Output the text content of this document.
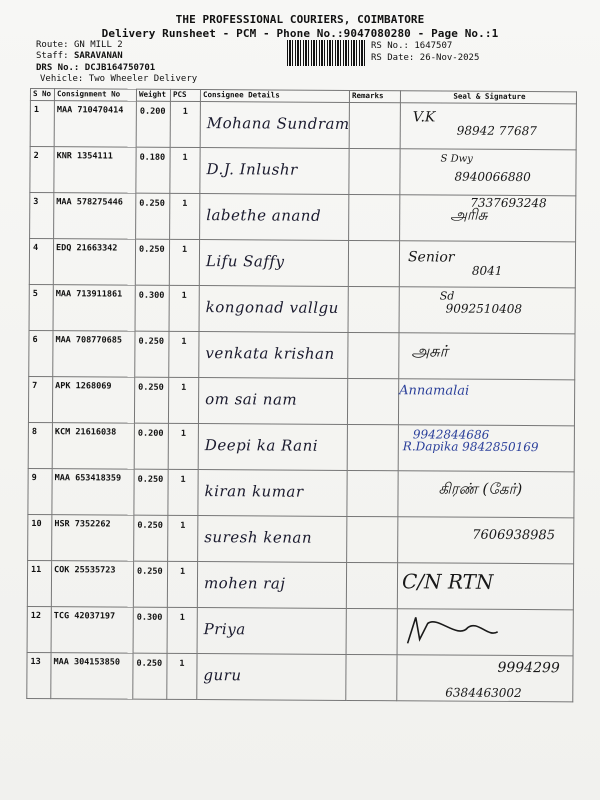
THE PROFESSIONAL COURIERS, COIMBATORE
Delivery Runsheet - PCM - Phone No.:9047080280 - Page No.:1
Route: GN MILL 2
Staff: SARAVANAN
DRS No.: DCJB164750701
Vehicle: Two Wheeler Delivery
RS No.: 1647507
RS Date: 26-Nov-2025
S No	Consignment No	Weight	PCS	Consignee Details	Remarks	Seal & Signature
1	MAA 710470414	0.200	1	Mohana Sundram		V.K
98942 77687

2	KNR 1354111	0.180	1	D.J. Inlushr		S Dwy
8940066880

3	MAA 578275446	0.250	1	labethe anand		அரிசு
7337693248

4	EDQ 21663342	0.250	1	Lifu Saffy		Senior
8041

5	MAA 713911861	0.300	1	kongonad vallgu		Sd
9092510408

6	MAA 708770685	0.250	1	venkata krishan		அசுர்

7	APK 1268069	0.250	1	om sai nam		Annamalai

8	KCM 21616038	0.200	1	Deepi ka Rani		R.Dapika 9842850169
9942844686

9	MAA 653418359	0.250	1	kiran kumar		கிரண் (கேர்)

10	HSR 7352262	0.250	1	suresh kenan		7606938985

11	COK 25535723	0.250	1	mohen raj		C/N RTN

12	TCG 42037197	0.300	1	Priya

13	MAA 304153850	0.250	1	guru		9994299
6384463002
